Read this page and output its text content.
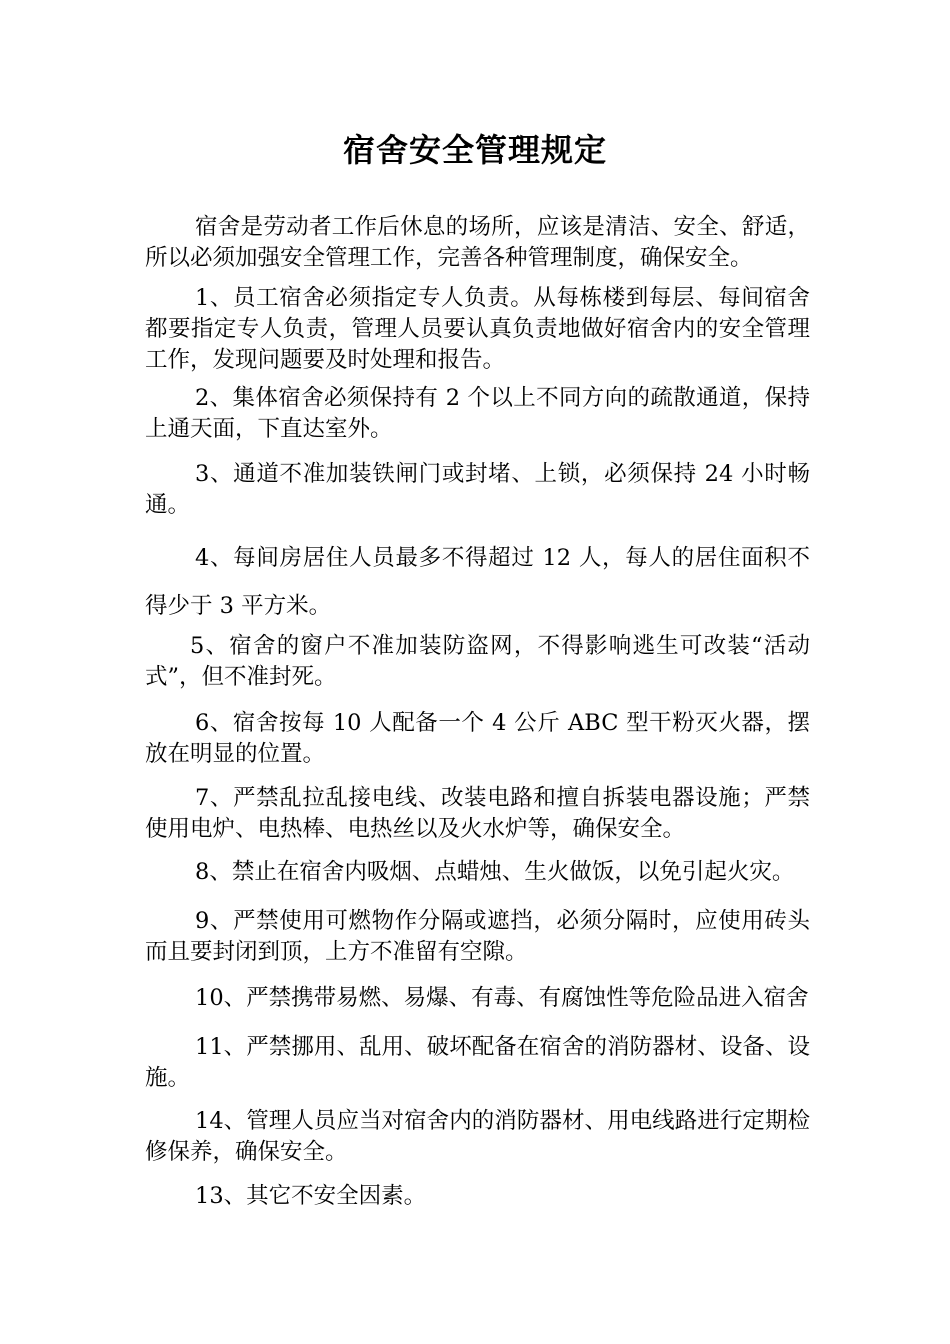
宿舍安全管理规定

宿舍是劳动者工作后休息的场所，应该是清洁、安全、舒适，所以必须加强安全管理工作，完善各种管理制度，确保安全。

1、员工宿舍必须指定专人负责。从每栋楼到每层、每间宿舍都要指定专人负责，管理人员要认真负责地做好宿舍内的安全管理工作，发现问题要及时处理和报告。

2、集体宿舍必须保持有 2 个以上不同方向的疏散通道，保持上通天面，下直达室外。

3、通道不准加装铁闸门或封堵、上锁，必须保持 24 小时畅通。

4、每间房居住人员最多不得超过 12 人，每人的居住面积不得少于 3 平方米。

5、宿舍的窗户不准加装防盗网，不得影响逃生可改装“活动式”，但不准封死。

6、宿舍按每 10 人配备一个 4 公斤 ABC 型干粉灭火器，摆放在明显的位置。

7、严禁乱拉乱接电线、改装电路和擅自拆装电器设施；严禁使用电炉、电热棒、电热丝以及火水炉等，确保安全。

8、禁止在宿舍内吸烟、点蜡烛、生火做饭，以免引起火灾。

9、严禁使用可燃物作分隔或遮挡，必须分隔时，应使用砖头而且要封闭到顶，上方不准留有空隙。

10、严禁携带易燃、易爆、有毒、有腐蚀性等危险品进入宿舍

11、严禁挪用、乱用、破坏配备在宿舍的消防器材、设备、设施。

14、管理人员应当对宿舍内的消防器材、用电线路进行定期检修保养，确保安全。

13、其它不安全因素。
